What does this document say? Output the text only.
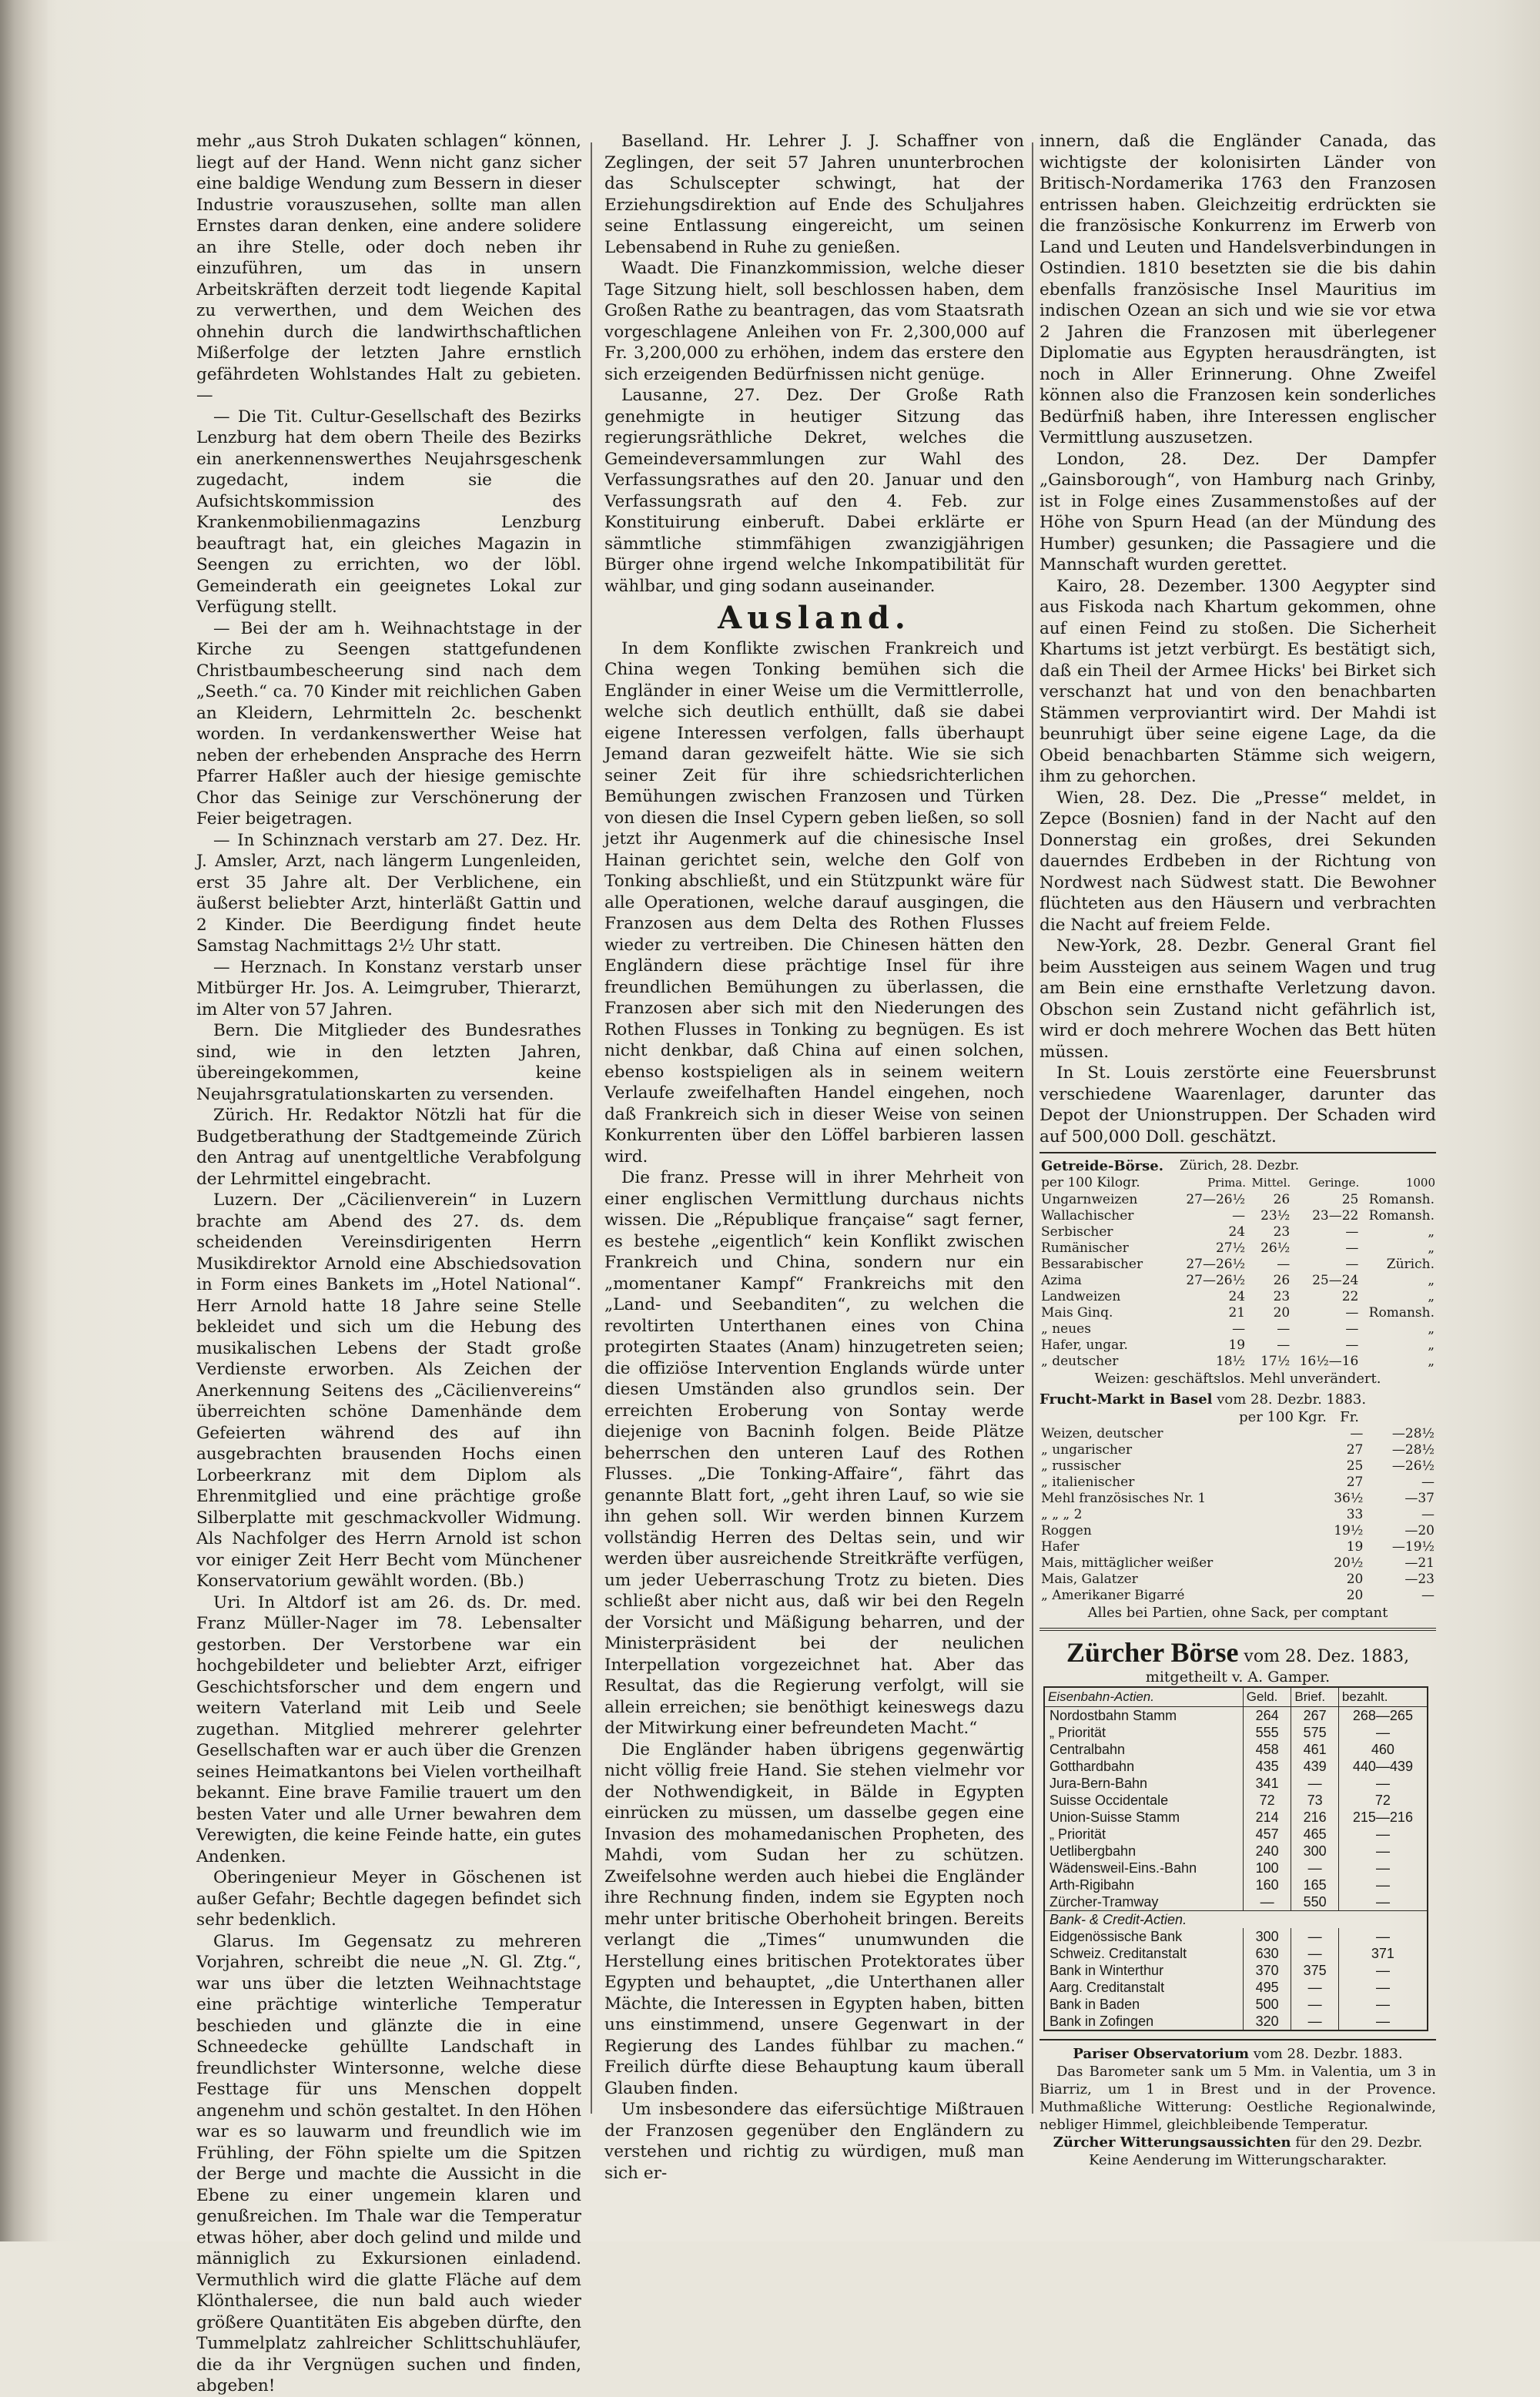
mehr „aus Stroh Dukaten schlagen“ können, liegt auf der Hand. Wenn nicht ganz sicher eine baldige Wendung zum Bessern in dieser Industrie vorauszusehen, sollte man allen Ernstes daran denken, eine andere solidere an ihre Stelle, oder doch neben ihr einzuführen, um das in unsern Arbeitskräften derzeit todt liegende Kapital zu verwerthen, und dem Weichen des ohnehin durch die landwirthschaftlichen Mißerfolge der letzten Jahre ernstlich gefährdeten Wohlstandes Halt zu gebieten. —

— Die Tit. Cultur-Gesellschaft des Bezirks Lenzburg hat dem obern Theile des Bezirks ein anerkennenswerthes Neujahrsgeschenk zugedacht, indem sie die Aufsichtskommission des Krankenmobilienmagazins Lenzburg beauftragt hat, ein gleiches Magazin in Seengen zu errichten, wo der löbl. Gemeinderath ein geeignetes Lokal zur Verfügung stellt.

— Bei der am h. Weihnachtstage in der Kirche zu Seengen stattgefundenen Christbaumbescheerung sind nach dem „Seeth.“ ca. 70 Kinder mit reichlichen Gaben an Kleidern, Lehrmitteln 2c. beschenkt worden. In verdankenswerther Weise hat neben der erhebenden Ansprache des Herrn Pfarrer Haßler auch der hiesige gemischte Chor das Seinige zur Verschönerung der Feier beigetragen.

— In Schinznach verstarb am 27. Dez. Hr. J. Amsler, Arzt, nach längerm Lungenleiden, erst 35 Jahre alt. Der Verblichene, ein äußerst beliebter Arzt, hinterläßt Gattin und 2 Kinder. Die Beerdigung findet heute Samstag Nachmittags 2½ Uhr statt.

— Herznach. In Konstanz verstarb unser Mitbürger Hr. Jos. A. Leimgruber, Thierarzt, im Alter von 57 Jahren.

Bern. Die Mitglieder des Bundesrathes sind, wie in den letzten Jahren, übereingekommen, keine Neujahrsgratulationskarten zu versenden.

Zürich. Hr. Redaktor Nötzli hat für die Budgetberathung der Stadtgemeinde Zürich den Antrag auf unentgeltliche Verabfolgung der Lehrmittel eingebracht.

Luzern. Der „Cäcilienverein“ in Luzern brachte am Abend des 27. ds. dem scheidenden Vereinsdirigenten Herrn Musikdirektor Arnold eine Abschiedsovation in Form eines Bankets im „Hotel National“. Herr Arnold hatte 18 Jahre seine Stelle bekleidet und sich um die Hebung des musikalischen Lebens der Stadt große Verdienste erworben. Als Zeichen der Anerkennung Seitens des „Cäcilienvereins“ überreichten schöne Damenhände dem Gefeierten während des auf ihn ausgebrachten brausenden Hochs einen Lorbeerkranz mit dem Diplom als Ehrenmitglied und eine prächtige große Silberplatte mit geschmackvoller Widmung. Als Nachfolger des Herrn Arnold ist schon vor einiger Zeit Herr Becht vom Münchener Konservatorium gewählt worden. (Bb.)

Uri. In Altdorf ist am 26. ds. Dr. med. Franz Müller-Nager im 78. Lebensalter gestorben. Der Verstorbene war ein hochgebildeter und beliebter Arzt, eifriger Geschichtsforscher und dem engern und weitern Vaterland mit Leib und Seele zugethan. Mitglied mehrerer gelehrter Gesellschaften war er auch über die Grenzen seines Heimatkantons bei Vielen vortheilhaft bekannt. Eine brave Familie trauert um den besten Vater und alle Urner bewahren dem Verewigten, die keine Feinde hatte, ein gutes Andenken.

Oberingenieur Meyer in Göschenen ist außer Gefahr; Bechtle dagegen befindet sich sehr bedenklich.

Glarus. Im Gegensatz zu mehreren Vorjahren, schreibt die neue „N. Gl. Ztg.“, war uns über die letzten Weihnachtstage eine prächtige winterliche Temperatur beschieden und glänzte die in eine Schneedecke gehüllte Landschaft in freundlichster Wintersonne, welche diese Festtage für uns Menschen doppelt angenehm und schön gestaltet. In den Höhen war es so lauwarm und freundlich wie im Frühling, der Föhn spielte um die Spitzen der Berge und machte die Aussicht in die Ebene zu einer ungemein klaren und genußreichen. Im Thale war die Temperatur etwas höher, aber doch gelind und milde und männiglich zu Exkursionen einladend. Vermuthlich wird die glatte Fläche auf dem Klönthalersee, die nun bald auch wieder größere Quantitäten Eis abgeben dürfte, den Tummelplatz zahlreicher Schlittschuhläufer, die da ihr Vergnügen suchen und finden, abgeben!

Baselland. Hr. Lehrer J. J. Schaffner von Zeglingen, der seit 57 Jahren ununterbrochen das Schulscepter schwingt, hat der Erziehungsdirektion auf Ende des Schuljahres seine Entlassung eingereicht, um seinen Lebensabend in Ruhe zu genießen.

Waadt. Die Finanzkommission, welche dieser Tage Sitzung hielt, soll beschlossen haben, dem Großen Rathe zu beantragen, das vom Staatsrath vorgeschlagene Anleihen von Fr. 2,300,000 auf Fr. 3,200,000 zu erhöhen, indem das erstere den sich erzeigenden Bedürfnissen nicht genüge.

Lausanne, 27. Dez. Der Große Rath genehmigte in heutiger Sitzung das regierungsräthliche Dekret, welches die Gemeindeversammlungen zur Wahl des Verfassungsrathes auf den 20. Januar und den Verfassungsrath auf den 4. Feb. zur Konstituirung einberuft. Dabei erklärte er sämmtliche stimmfähigen zwanzigjährigen Bürger ohne irgend welche Inkompatibilität für wählbar, und ging sodann auseinander.

Ausland.

In dem Konflikte zwischen Frankreich und China wegen Tonking bemühen sich die Engländer in einer Weise um die Vermittlerrolle, welche sich deutlich enthüllt, daß sie dabei eigene Interessen verfolgen, falls überhaupt Jemand daran gezweifelt hätte. Wie sie sich seiner Zeit für ihre schiedsrichterlichen Bemühungen zwischen Franzosen und Türken von diesen die Insel Cypern geben ließen, so soll jetzt ihr Augenmerk auf die chinesische Insel Hainan gerichtet sein, welche den Golf von Tonking abschließt, und ein Stützpunkt wäre für alle Operationen, welche darauf ausgingen, die Franzosen aus dem Delta des Rothen Flusses wieder zu vertreiben. Die Chinesen hätten den Engländern diese prächtige Insel für ihre freundlichen Bemühungen zu überlassen, die Franzosen aber sich mit den Niederungen des Rothen Flusses in Tonking zu begnügen. Es ist nicht denkbar, daß China auf einen solchen, ebenso kostspieligen als in seinem weitern Verlaufe zweifelhaften Handel eingehen, noch daß Frankreich sich in dieser Weise von seinen Konkurrenten über den Löffel barbieren lassen wird.

Die franz. Presse will in ihrer Mehrheit von einer englischen Vermittlung durchaus nichts wissen. Die „République française“ sagt ferner, es bestehe „eigentlich“ kein Konflikt zwischen Frankreich und China, sondern nur ein „momentaner Kampf“ Frankreichs mit den „Land- und Seebanditen“, zu welchen die revoltirten Unterthanen eines von China protegirten Staates (Anam) hinzugetreten seien; die offiziöse Intervention Englands würde unter diesen Umständen also grundlos sein. Der erreichten Eroberung von Sontay werde diejenige von Bacninh folgen. Beide Plätze beherrschen den unteren Lauf des Rothen Flusses. „Die Tonking-Affaire“, fährt das genannte Blatt fort, „geht ihren Lauf, so wie sie ihn gehen soll. Wir werden binnen Kurzem vollständig Herren des Deltas sein, und wir werden über ausreichende Streitkräfte verfügen, um jeder Ueberraschung Trotz zu bieten. Dies schließt aber nicht aus, daß wir bei den Regeln der Vorsicht und Mäßigung beharren, und der Ministerpräsident bei der neulichen Interpellation vorgezeichnet hat. Aber das Resultat, das die Regierung verfolgt, will sie allein erreichen; sie benöthigt keineswegs dazu der Mitwirkung einer befreundeten Macht.“

Die Engländer haben übrigens gegenwärtig nicht völlig freie Hand. Sie stehen vielmehr vor der Nothwendigkeit, in Bälde in Egypten einrücken zu müssen, um dasselbe gegen eine Invasion des mohamedanischen Propheten, des Mahdi, vom Sudan her zu schützen. Zweifelsohne werden auch hiebei die Engländer ihre Rechnung finden, indem sie Egypten noch mehr unter britische Oberhoheit bringen. Bereits verlangt die „Times“ unumwunden die Herstellung eines britischen Protektorates über Egypten und behauptet, „die Unterthanen aller Mächte, die Interessen in Egypten haben, bitten uns einstimmend, unsere Gegenwart in der Regierung des Landes fühlbar zu machen.“ Freilich dürfte diese Behauptung kaum überall Glauben finden.

Um insbesondere das eifersüchtige Mißtrauen der Franzosen gegenüber den Engländern zu verstehen und richtig zu würdigen, muß man sich er-

innern, daß die Engländer Canada, das wichtigste der kolonisirten Länder von Britisch-Nordamerika 1763 den Franzosen entrissen haben. Gleichzeitig erdrückten sie die französische Konkurrenz im Erwerb von Land und Leuten und Handelsverbindungen in Ostindien. 1810 besetzten sie die bis dahin ebenfalls französische Insel Mauritius im indischen Ozean an sich und wie sie vor etwa 2 Jahren die Franzosen mit überlegener Diplomatie aus Egypten herausdrängten, ist noch in Aller Erinnerung. Ohne Zweifel können also die Franzosen kein sonderliches Bedürfniß haben, ihre Interessen englischer Vermittlung auszusetzen.

London, 28. Dez. Der Dampfer „Gainsborough“, von Hamburg nach Grinby, ist in Folge eines Zusammenstoßes auf der Höhe von Spurn Head (an der Mündung des Humber) gesunken; die Passagiere und die Mannschaft wurden gerettet.

Kairo, 28. Dezember. 1300 Aegypter sind aus Fiskoda nach Khartum gekommen, ohne auf einen Feind zu stoßen. Die Sicherheit Khartums ist jetzt verbürgt. Es bestätigt sich, daß ein Theil der Armee Hicks' bei Birket sich verschanzt hat und von den benachbarten Stämmen verproviantirt wird. Der Mahdi ist beunruhigt über seine eigene Lage, da die Obeid benachbarten Stämme sich weigern, ihm zu gehorchen.

Wien, 28. Dez. Die „Presse“ meldet, in Zepce (Bosnien) fand in der Nacht auf den Donnerstag ein großes, drei Sekunden dauerndes Erdbeben in der Richtung von Nordwest nach Südwest statt. Die Bewohner flüchteten aus den Häusern und verbrachten die Nacht auf freiem Felde.

New-York, 28. Dezbr. General Grant fiel beim Aussteigen aus seinem Wagen und trug am Bein eine ernsthafte Verletzung davon. Obschon sein Zustand nicht gefährlich ist, wird er doch mehrere Wochen das Bett hüten müssen.

In St. Louis zerstörte eine Feuersbrunst verschiedene Waarenlager, darunter das Depot der Unionstruppen. Der Schaden wird auf 500,000 Doll. geschätzt.

Getreide-Börse.	Zürich, 28. Dezbr.			
per 100 Kilogr.	Prima.	Mittel.	Geringe.	1000
Ungarnweizen	27—26½	26	25	Romansh.
Wallachischer	—	23½	23—22	Romansh.
Serbischer	24	23	—	„
Rumänischer	27½	26½	—	„
Bessarabischer	27—26½	—	—	Zürich.
Azima	27—26½	26	25—24	„
Landweizen	24	23	22	„
Mais Ginq.	21	20	—	Romansh.
„ neues	—	—	—	„
Hafer, ungar.	19	—	—	„
„ deutscher	18½	17½	16½—16	„
Weizen: geschäftslos. Mehl unverändert.
Frucht-Markt in Basel vom 28. Dezbr. 1883.
per 100 Kgr. Fr.
Weizen, deutscher	—	—28½
„ ungarischer	27	—28½
„ russischer	25	—26½
„ italienischer	27	—
Mehl französisches Nr. 1	36½	—37
„ „ „ 2	33	—
Roggen	19½	—20
Hafer	19	—19½
Mais, mittäglicher weißer	20½	—21
Mais, Galatzer	20	—23
„ Amerikaner Bigarré	20	—
Alles bei Partien, ohne Sack, per comptant
Zürcher Börse vom 28. Dez. 1883,
mitgetheilt v. A. Gamper.
Eisenbahn-Actien.	Geld.	Brief.	bezahlt.
Nordostbahn Stamm	264	267	268—265
„ Priorität	555	575	—
Centralbahn	458	461	460
Gotthardbahn	435	439	440—439
Jura-Bern-Bahn	341	—	—
Suisse Occidentale	72	73	72
Union-Suisse Stamm	214	216	215—216
„ Priorität	457	465	—
Uetlibergbahn	240	300	—
Wädensweil-Eins.-Bahn	100	—	—
Arth-Rigibahn	160	165	—
Zürcher-Tramway	—	550	—
Bank- & Credit-Actien.			
Eidgenössische Bank	300	—	—
Schweiz. Creditanstalt	630	—	371
Bank in Winterthur	370	375	—
Aarg. Creditanstalt	495	—	—
Bank in Baden	500	—	—
Bank in Zofingen	320	—	—
Pariser Observatorium vom 28. Dezbr. 1883.

Das Barometer sank um 5 Mm. in Valentia, um 3 in Biarriz, um 1 in Brest und in der Provence. Muthmaßliche Witterung: Oestliche Regionalwinde, nebliger Himmel, gleichbleibende Temperatur.

Zürcher Witterungsaussichten für den 29. Dezbr.
Keine Aenderung im Witterungscharakter.
